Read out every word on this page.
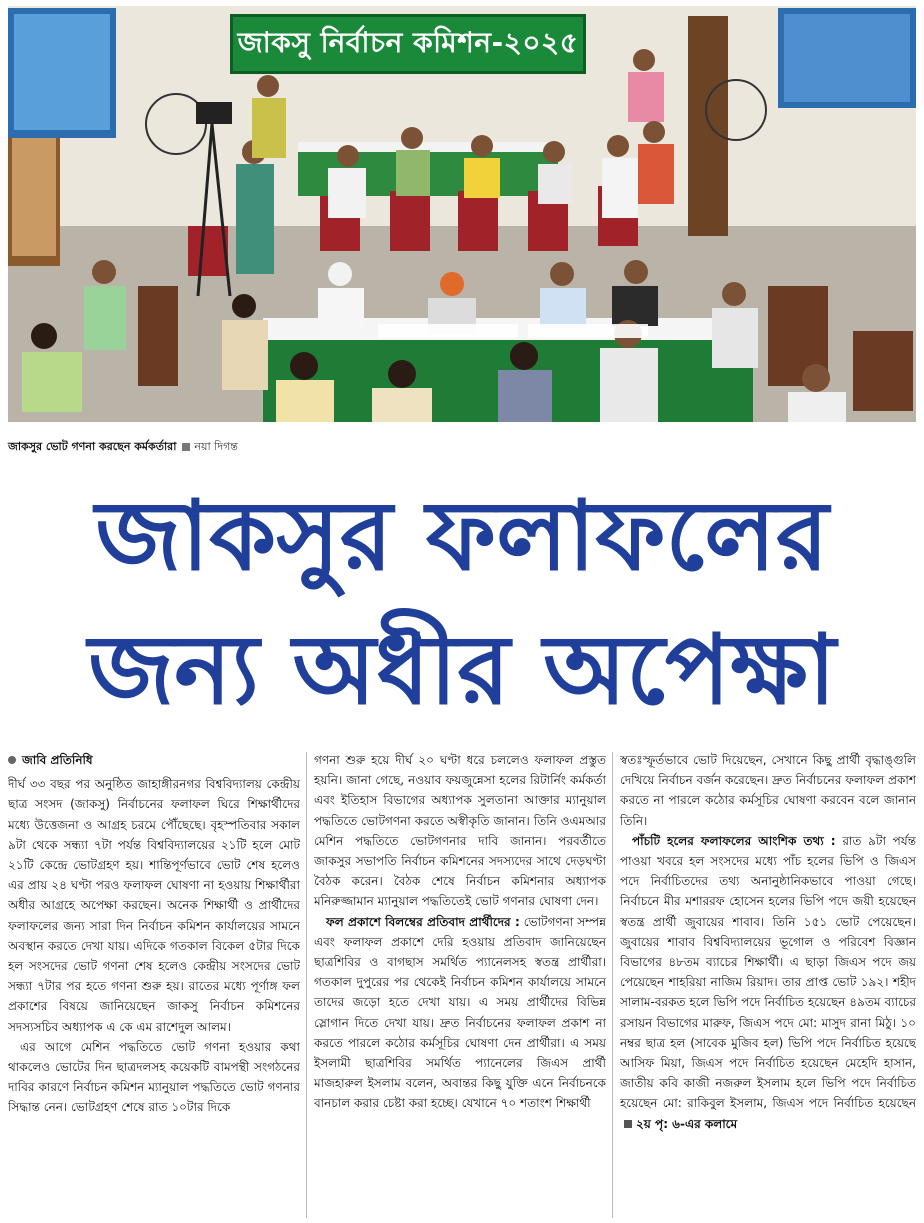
জাকসু নির্বাচন কমিশন-২০২৫
জাকসুর ভোট গণনা করছেন কর্মকর্তারা নয়া দিগন্ত
জাকসুর ফলাফলের
জন্য অধীর অপেক্ষা
জাবি প্রতিনিধি

দীর্ঘ ৩৩ বছর পর অনুষ্ঠিত জাহাঙ্গীরনগর বিশ্ববিদ্যালয় কেন্দ্রীয় ছাত্র সংসদ (জাকসু) নির্বাচনের ফলাফল ঘিরে শিক্ষার্থীদের মধ্যে উত্তেজনা ও আগ্রহ চরমে পৌঁছেছে। বৃহস্পতিবার সকাল ৯টা থেকে সন্ধ্যা ৭টা পর্যন্ত বিশ্ববিদ্যালয়ের ২১টি হলে মোট ২১টি কেন্দ্রে ভোটগ্রহণ হয়। শান্তিপূর্ণভাবে ভোট শেষ হলেও এর প্রায় ২৪ ঘণ্টা পরও ফলাফল ঘোষণা না হওয়ায় শিক্ষার্থীরা অধীর আগ্রহে অপেক্ষা করছেন। অনেক শিক্ষার্থী ও প্রার্থীদের ফলাফলের জন্য সারা দিন নির্বাচন কমিশন কার্যালয়ের সামনে অবস্থান করতে দেখা যায়। এদিকে গতকাল বিকেল ৫টার দিকে হল সংসদের ভোট গণনা শেষ হলেও কেন্দ্রীয় সংসদের ভোট সন্ধ্যা ৭টার পর হতে গণনা শুরু হয়। রাতের মধ্যে পূর্ণাঙ্গ ফল প্রকাশের বিষয়ে জানিয়েছেন জাকসু নির্বাচন কমিশনের সদস্যসচিব অধ্যাপক এ কে এম রাশেদুল আলম।

এর আগে মেশিন পদ্ধতিতে ভোট গণনা হওয়ার কথা থাকলেও ভোটের দিন ছাত্রদলসহ কয়েকটি বামপন্থী সংগঠনের দাবির কারণে নির্বাচন কমিশন ম্যানুয়াল পদ্ধতিতে ভোট গণনার সিদ্ধান্ত নেন। ভোটগ্রহণ শেষে রাত ১০টার দিকে

গণনা শুরু হয়ে দীর্ঘ ২০ ঘণ্টা ধরে চললেও ফলাফল প্রস্তুত হয়নি। জানা গেছে, নওয়াব ফয়জুন্নেসা হলের রিটার্নিং কর্মকর্তা এবং ইতিহাস বিভাগের অধ্যাপক সুলতানা আক্তার ম্যানুয়াল পদ্ধতিতে ভোটগণনা করতে অস্বীকৃতি জানান। তিনি ওএমআর মেশিন পদ্ধতিতে ভোটগণনার দাবি জানান। পরবর্তীতে জাকসুর সভাপতি নির্বাচন কমিশনের সদস্যদের সাথে দেড়ঘণ্টা বৈঠক করেন। বৈঠক শেষে নির্বাচন কমিশনার অধ্যাপক মনিরুজ্জামান ম্যানুয়াল পদ্ধতিতেই ভোট গণনার ঘোষণা দেন।

ফল প্রকাশে বিলম্বের প্রতিবাদ প্রার্থীদের : ভোটগণনা সম্পন্ন এবং ফলাফল প্রকাশে দেরি হওয়ায় প্রতিবাদ জানিয়েছেন ছাত্রশিবির ও বাগছাস সমর্থিত প্যানেলসহ স্বতন্ত্র প্রার্থীরা। গতকাল দুপুরের পর থেকেই নির্বাচন কমিশন কার্যালয়ে সামনে তাদের জড়ো হতে দেখা যায়। এ সময় প্রার্থীদের বিভিন্ন স্লোগান দিতে দেখা যায়। দ্রুত নির্বাচনের ফলাফল প্রকাশ না করতে পারলে কঠোর কর্মসূচির ঘোষণা দেন প্রার্থীরা। এ সময় ইসলামী ছাত্রশিবির সমর্থিত প্যানেলের জিএস প্রার্থী মাজহারুল ইসলাম বলেন, অবান্তর কিছু যুক্তি এনে নির্বাচনকে বানচাল করার চেষ্টা করা হচ্ছে। যেখানে ৭০ শতাংশ শিক্ষার্থী

স্বতঃস্ফূর্তভাবে ভোট দিয়েছেন, সেখানে কিছু প্রার্থী বৃদ্ধাঙ্গুলি দেখিয়ে নির্বাচন বর্জন করেছেন। দ্রুত নির্বাচনের ফলাফল প্রকাশ করতে না পারলে কঠোর কর্মসূচির ঘোষণা করবেন বলে জানান তিনি।

পাঁচটি হলের ফলাফলের আংশিক তথ্য : রাত ৯টা পর্যন্ত পাওয়া খবরে হল সংসদের মধ্যে পাঁচ হলের ভিপি ও জিএস পদে নির্বাচিতদের তথ্য অনানুষ্ঠানিকভাবে পাওয়া গেছে। নির্বাচনে মীর মশাররফ হোসেন হলের ভিপি পদে জয়ী হয়েছেন স্বতন্ত্র প্রার্থী জুবায়ের শাবাব। তিনি ১৫১ ভোট পেয়েছেন। জুবায়ের শাবাব বিশ্ববিদ্যালয়ের ভূগোল ও পরিবেশ বিজ্ঞান বিভাগের ৪৮তম ব্যাচের শিক্ষার্থী। এ ছাড়া জিএস পদে জয় পেয়েছেন শাহরিয়া নাজিম রিয়াদ। তার প্রাপ্ত ভোট ১৯২। শহীদ সালাম-বরকত হলে ভিপি পদে নির্বাচিত হয়েছেন ৪৯তম ব্যাচের রসায়ন বিভাগের মারুফ, জিএস পদে মো: মাসুদ রানা মিঠু। ১০ নম্বর ছাত্র হল (সাবেক মুজিব হল) ভিপি পদে নির্বাচিত হয়েছে আসিফ মিয়া, জিএস পদে নির্বাচিত হয়েছেন মেহেদি হাসান, জাতীয় কবি কাজী নজরুল ইসলাম হলে ভিপি পদে নির্বাচিত হয়েছেন মো: রাকিবুল ইসলাম, জিএস পদে নির্বাচিত হয়েছেন ২য় পৃ: ৬-এর কলামে
